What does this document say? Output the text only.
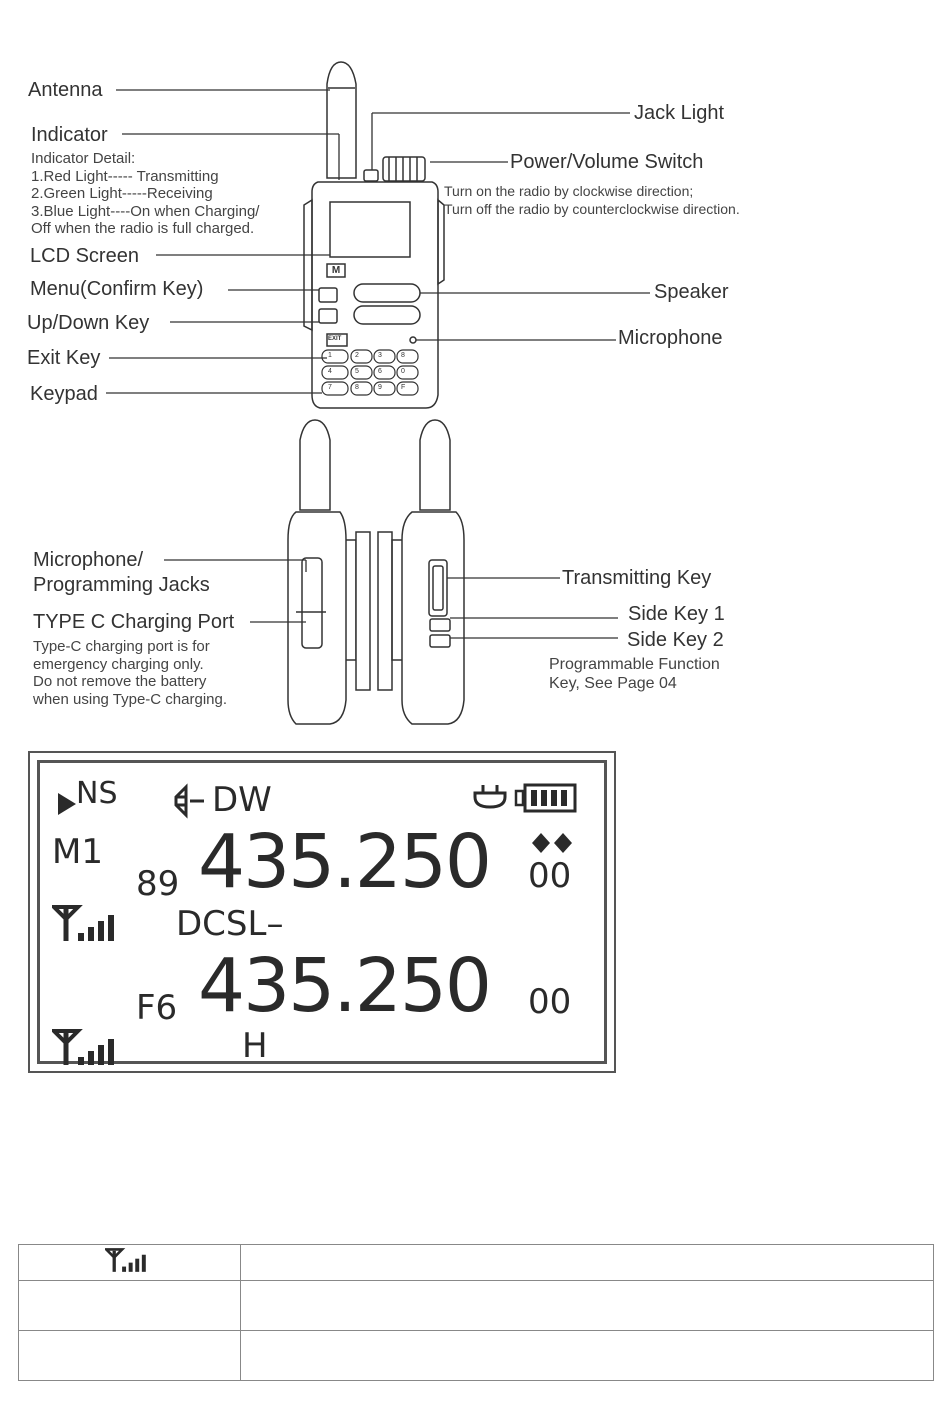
Antenna
Jack Light
Indicator
Indicator Detail:
1.Red Light----- Transmitting
2.Green Light-----Receiving
3.Blue Light----On when Charging/
Off when the radio is full charged.
Power/Volume Switch
Turn on the radio by clockwise direction;
Turn off the radio by counterclockwise direction.
LCD Screen
Menu(Confirm Key)	Speaker
Up/Down Key
Microphone
Exit Key
Keypad
M
EXIT
1	2	3	8
4	5	6	0
7	8	9	F
Microphone/
Programming Jacks
TYPE C Charging Port
Type-C charging port is for
emergency charging only.
Do not remove the battery
when using Type-C charging.
Transmitting Key
Side Key 1
Side Key 2
Programmable Function
Key, See Page 04
NS	DW
M1
89 435.250 00
DCSL–
F6 435.250 00
H
